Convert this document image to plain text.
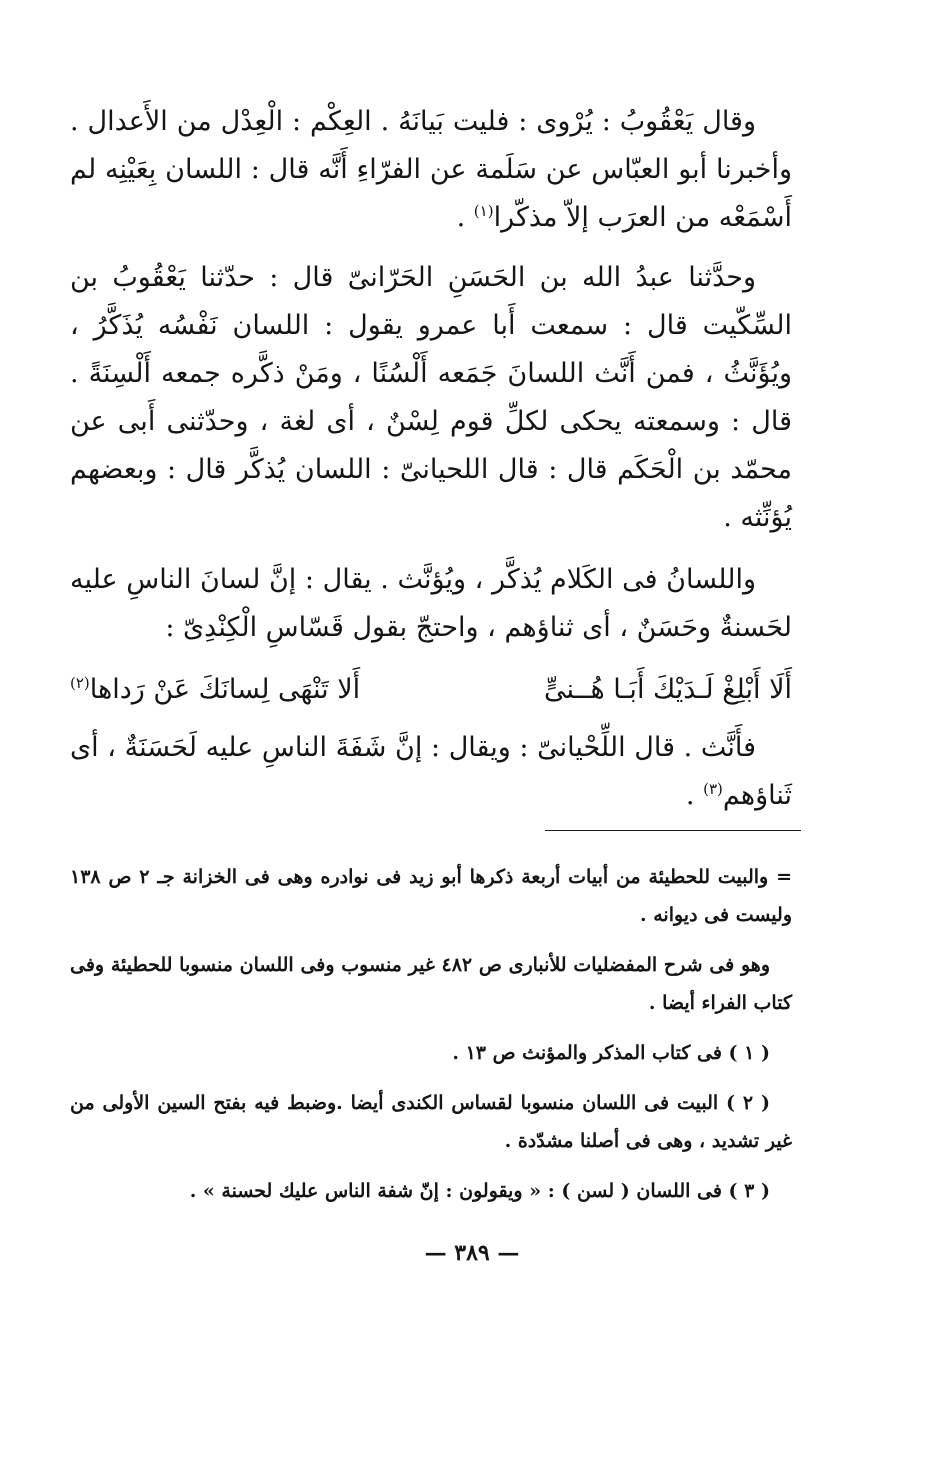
وقال يَعْقُوبُ : يُرْوى : فليت بَيانَهُ . العِكْم : الْعِدْل من الأَعدال . وأخبرنا أبو العبّاس عن سَلَمة عن الفرّاءِ أَنَّه قال : اللسان بِعَيْنِه لم أَسْمَعْه من العرَب إلاّ مذكّرا$^{(١)}$ .

وحدَّثنا عبدُ الله بن الحَسَنِ الحَرّانىّ قال : حدّثنا يَعْقُوبُ بن السِّكّيت قال : سمعت أَبا عمرو يقول : اللسان نَفْسُه يُذَكَّرُ ، ويُؤَنَّثُ ، فمن أَنَّث اللسانَ جَمَعه أَلْسُنًا ، ومَنْ ذكَّره جمعه أَلْسِنَةً . قال : وسمعته يحكى لكلِّ قوم لِسْنٌ ، أى لغة ، وحدّثنى أَبى عن محمّد بن الْحَكَم قال : قال اللحيانىّ : اللسان يُذكَّر قال : وبعضهم يُؤنِّثه .

واللسانُ فى الكَلام يُذكَّر ، ويُؤنَّث . يقال : إنَّ لسانَ الناسِ عليه لحَسنةٌ وحَسَنٌ ، أى ثناؤهم ، واحتجّ بقول قَسّاسِ الْكِنْدِىّ :

أَلَا أَبْلِغْ لَـدَيْكَ أَبَـا هُــنىٍّ
أَلا تَنْهَى لِسانَكَ عَنْ رَداها$^{(٢)}$

فأَنَّث . قال اللِّحْيانىّ : ويقال : إنَّ شَفَةَ الناسِ عليه لَحَسَنَةٌ ، أى ثَناؤهم$^{(٣)}$ .

= والبيت للحطيئة من أبيات أربعة ذكرها أبو زيد فى نوادره وهى فى الخزانة جـ ٢ ص ١٣٨ وليست فى ديوانه .

وهو فى شرح المفضليات للأنبارى ص ٤٨٢ غير منسوب وفى اللسان منسوبا للحطيئة وفى كتاب الفراء أيضا .

( ١ ) فى كتاب المذكر والمؤنث ص ١٣ .

( ٢ ) البيت فى اللسان منسوبا لقساس الكندى أيضا .وضبط فيه بفتح السين الأولى من غير تشديد ، وهى فى أصلنا مشدّدة .

( ٣ ) فى اللسان ( لسن ) : « ويقولون : إنّ شفة الناس عليك لحسنة » .

— ٣٨٩ —
